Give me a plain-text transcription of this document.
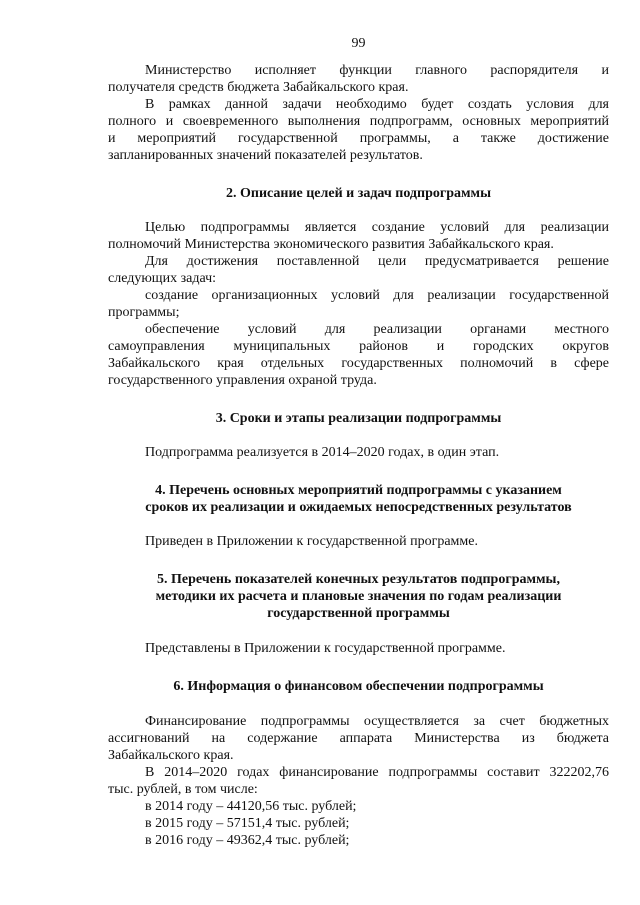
99

Министерство исполняет функции главного распорядителя и

получателя средств бюджета Забайкальского края.

В рамках данной задачи необходимо будет создать условия для

полного и своевременного выполнения подпрограмм, основных мероприятий

и мероприятий государственной программы, а также достижение

запланированных значений показателей результатов.

2. Описание целей и задач подпрограммы

Целью подпрограммы является создание условий для реализации

полномочий Министерства экономического развития Забайкальского края.

Для достижения поставленной цели предусматривается решение

следующих задач:

создание организационных условий для реализации государственной

программы;

обеспечение условий для реализации органами местного

самоуправления муниципальных районов и городских округов

Забайкальского края отдельных государственных полномочий в сфере

государственного управления охраной труда.

3. Сроки и этапы реализации подпрограммы

Подпрограмма реализуется в 2014–2020 годах, в один этап.

4. Перечень основных мероприятий подпрограммы с указанием
сроков их реализации и ожидаемых непосредственных результатов

Приведен в Приложении к государственной программе.

5. Перечень показателей конечных результатов подпрограммы,
методики их расчета и плановые значения по годам реализации
государственной программы

Представлены в Приложении к государственной программе.

6. Информация о финансовом обеспечении подпрограммы

Финансирование подпрограммы осуществляется за счет бюджетных

ассигнований на содержание аппарата Министерства из бюджета

Забайкальского края.

В 2014–2020 годах финансирование подпрограммы составит 322202,76

тыс. рублей, в том числе:

в 2014 году – 44120,56 тыс. рублей;

в 2015 году – 57151,4 тыс. рублей;

в 2016 году – 49362,4 тыс. рублей;
